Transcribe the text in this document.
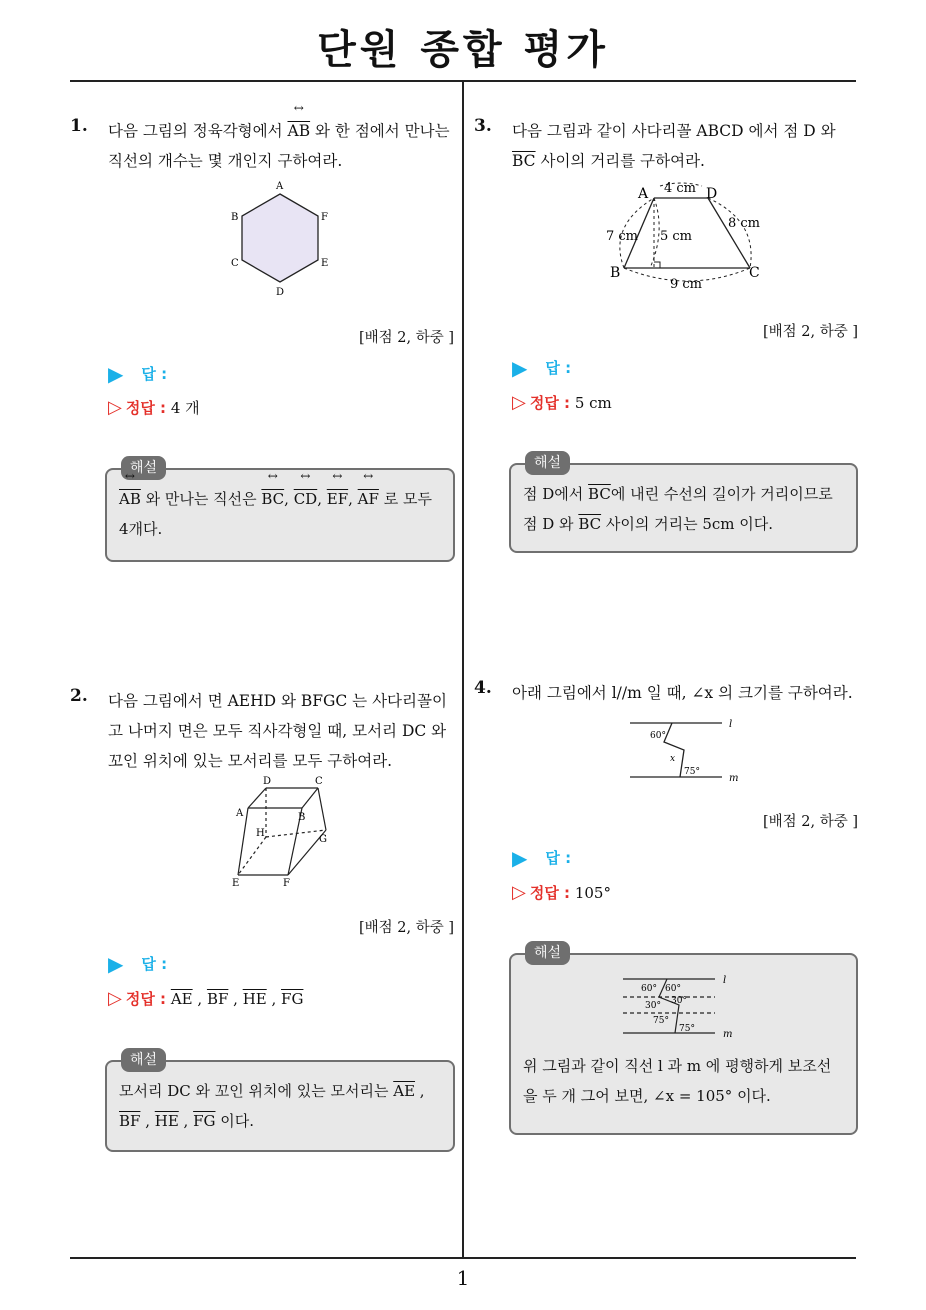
단원 종합 평가
1
1. 다음 그림의 정육각형에서 ↔ $\overline{AB}$ 와 한 점에서 만나는 직선의 개수는 몇 개인지 구하여라.
A
F
E
D
C
B
[배점 2, 하중 ]
▶ 답 :
▷ 정답 : 4 개
해설
↔ $\overline{AB}$ 와 만나는 직선은 ↔ $\overline{BC}$, ↔ $\overline{CD}$, ↔ $\overline{EF}$, ↔ $\overline{AF}$ 로 모두 4개다.
2. 다음 그림에서 면 AEHD 와 BFGC 는 사다리꼴이고 나머지 면은 모두 직사각형일 때, 모서리 DC 와 꼬인 위치에 있는 모서리를 모두 구하여라.
D	C
A	B
H
G
E	F
[배점 2, 하중 ]
▶ 답 :
▷ 정답 : $\overline{AE}$ , $\overline{BF}$ , $\overline{HE}$ , $\overline{FG}$
해설
모서리 DC 와 꼬인 위치에 있는 모서리는 $\overline{AE}$ , $\overline{BF}$ , $\overline{HE}$ , $\overline{FG}$ 이다.
3. 다음 그림과 같이 사다리꼴 ABCD 에서 점 D 와 $\overline{BC}$ 사이의 거리를 구하여라.
A	D
B	C
4 cm
8 cm
7 cm 5 cm
9 cm
[배점 2, 하중 ]
▶ 답 :
▷ 정답 : 5 cm
해설
점 D에서 $\overline{BC}$에 내린 수선의 길이가 거리이므로
점 D 와 $\overline{BC}$ 사이의 거리는 5cm 이다.
4. 아래 그림에서 l//m 일 때, ∠x 의 크기를 구하여라.
l
m
60°
x
75°
[배점 2, 하중 ]
▶ 답 :
▷ 정답 : 105°
해설
l
m
60° 60°
30° 30°
75°
75°
위 그림과 같이 직선 l 과 m 에 평행하게 보조선을 두 개 그어 보면, ∠x = 105° 이다.
